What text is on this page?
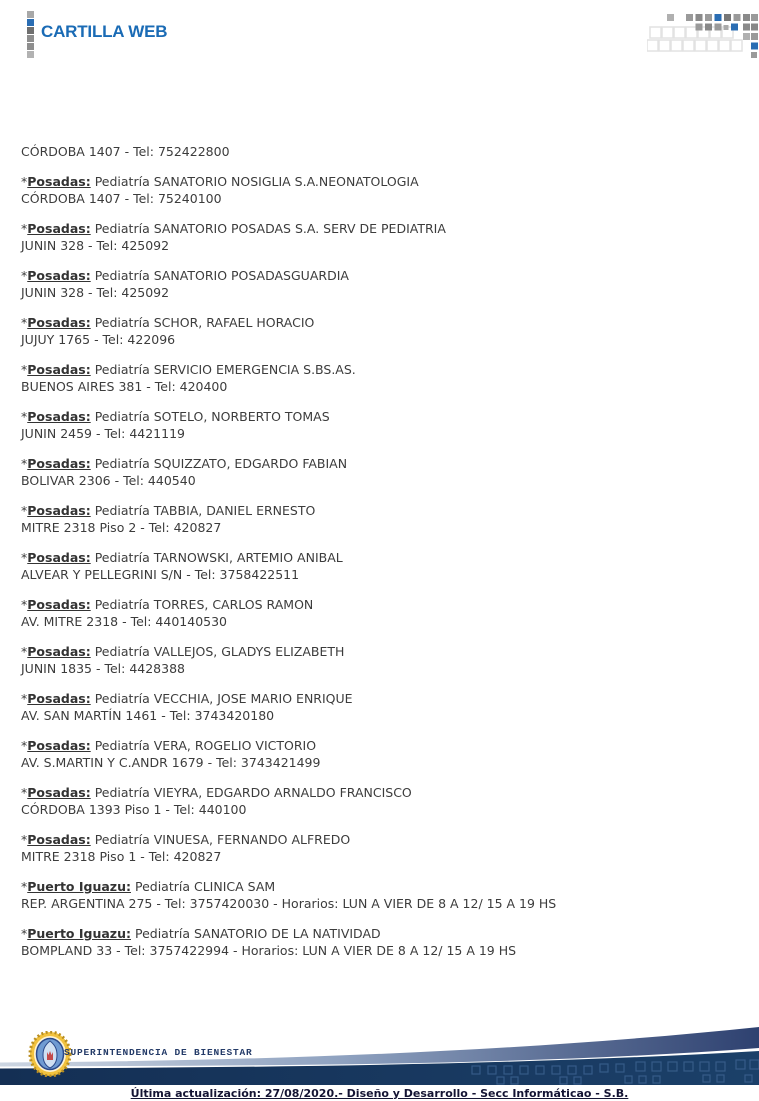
CARTILLA WEB

CÓRDOBA 1407 - Tel: 752422800

*Posadas: Pediatría SANATORIO NOSIGLIA S.A.NEONATOLOGIA
CÓRDOBA 1407 - Tel: 75240100

*Posadas: Pediatría SANATORIO POSADAS S.A. SERV DE PEDIATRIA
JUNIN 328 - Tel: 425092

*Posadas: Pediatría SANATORIO POSADASGUARDIA
JUNIN 328 - Tel: 425092

*Posadas: Pediatría SCHOR, RAFAEL HORACIO
JUJUY 1765 - Tel: 422096

*Posadas: Pediatría SERVICIO EMERGENCIA S.BS.AS.
BUENOS AIRES 381 - Tel: 420400

*Posadas: Pediatría SOTELO, NORBERTO TOMAS
JUNIN 2459 - Tel: 4421119

*Posadas: Pediatría SQUIZZATO, EDGARDO FABIAN
BOLIVAR 2306 - Tel: 440540

*Posadas: Pediatría TABBIA, DANIEL ERNESTO
MITRE 2318 Piso 2 - Tel: 420827

*Posadas: Pediatría TARNOWSKI, ARTEMIO ANIBAL
ALVEAR Y PELLEGRINI S/N - Tel: 3758422511

*Posadas: Pediatría TORRES, CARLOS RAMON
AV. MITRE 2318 - Tel: 440140530

*Posadas: Pediatría VALLEJOS, GLADYS ELIZABETH
JUNIN 1835 - Tel: 4428388

*Posadas: Pediatría VECCHIA, JOSE MARIO ENRIQUE
AV. SAN MARTÍN 1461 - Tel: 3743420180

*Posadas: Pediatría VERA, ROGELIO VICTORIO
AV. S.MARTIN Y C.ANDR 1679 - Tel: 3743421499

*Posadas: Pediatría VIEYRA, EDGARDO ARNALDO FRANCISCO
CÓRDOBA 1393 Piso 1 - Tel: 440100

*Posadas: Pediatría VINUESA, FERNANDO ALFREDO
MITRE 2318 Piso 1 - Tel: 420827

*Puerto Iguazu: Pediatría CLINICA SAM
REP. ARGENTINA 275 - Tel: 3757420030 - Horarios: LUN A VIER DE 8 A 12/ 15 A 19 HS

*Puerto Iguazu: Pediatría SANATORIO DE LA NATIVIDAD
BOMPLAND 33 - Tel: 3757422994 - Horarios: LUN A VIER DE 8 A 12/ 15 A 19 HS

SUPERINTENDENCIA DE BIENESTAR
Última actualización: 27/08/2020.- Diseño y Desarrollo - Secc Informáticao - S.B.
